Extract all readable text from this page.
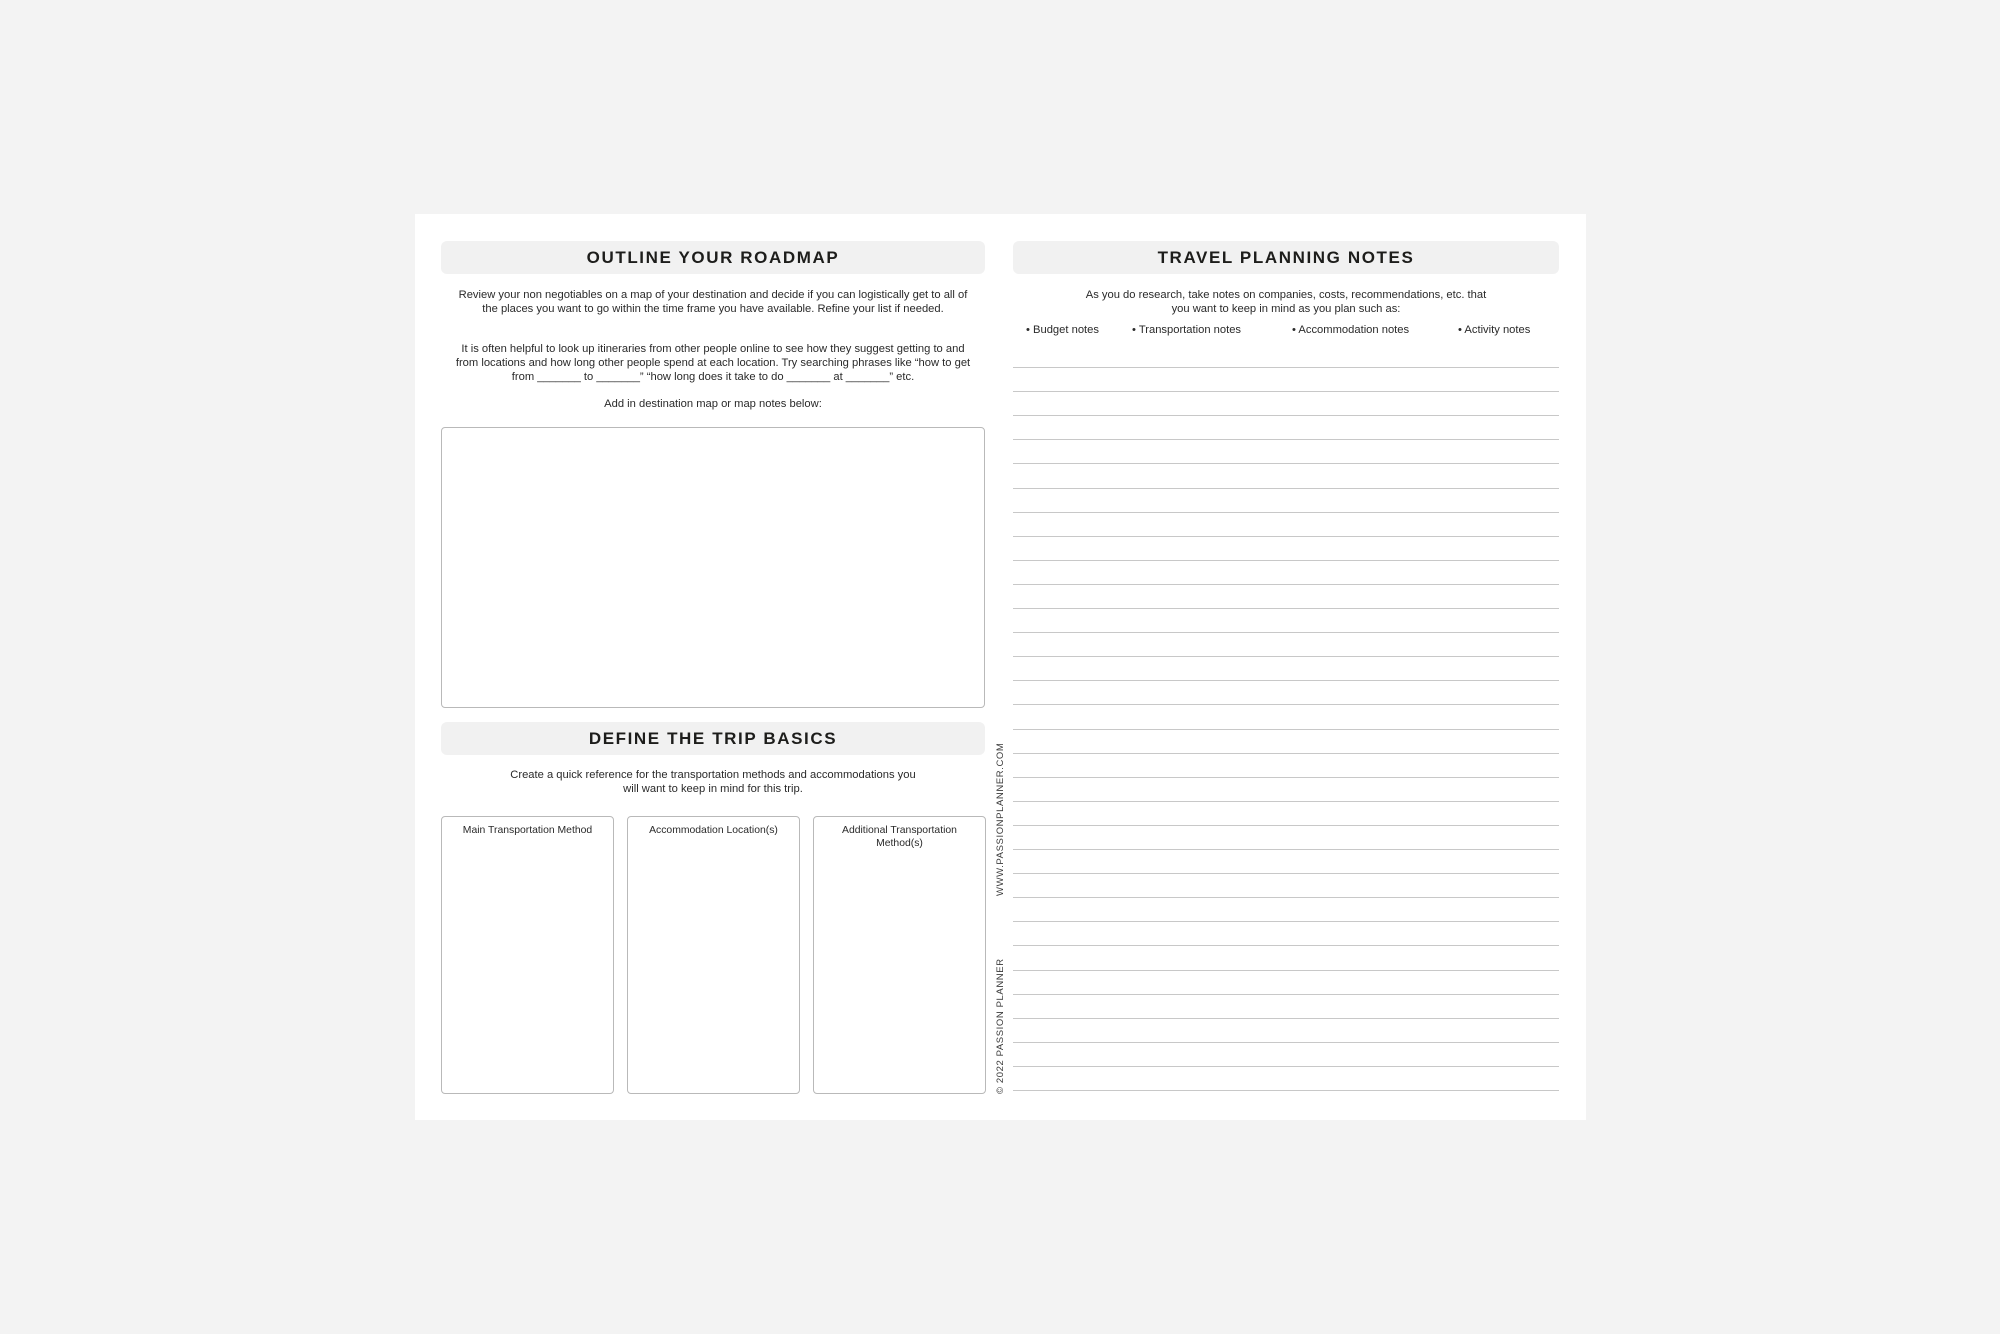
OUTLINE YOUR ROADMAP

Review your non negotiables on a map of your destination and decide if you can logistically get to all of the places you want to go within the time frame you have available. Refine your list if needed.

It is often helpful to look up itineraries from other people online to see how they suggest getting to and from locations and how long other people spend at each location. Try searching phrases like “how to get from _______ to _______” “how long does it take to do _______ at _______” etc.

Add in destination map or map notes below:

DEFINE THE TRIP BASICS

Create a quick reference for the transportation methods and accommodations you will want to keep in mind for this trip.

Main Transportation Method	Accommodation Location(s)	Additional Transportation Method(s)	WWW.PASSIONPLANNER.COM
© 2022 PASSION PLANNER
TRAVEL PLANNING NOTES

As you do research, take notes on companies, costs, recommendations, etc. that you want to keep in mind as you plan such as:

• Budget notes	• Transportation notes	• Accommodation notes	• Activity notes
